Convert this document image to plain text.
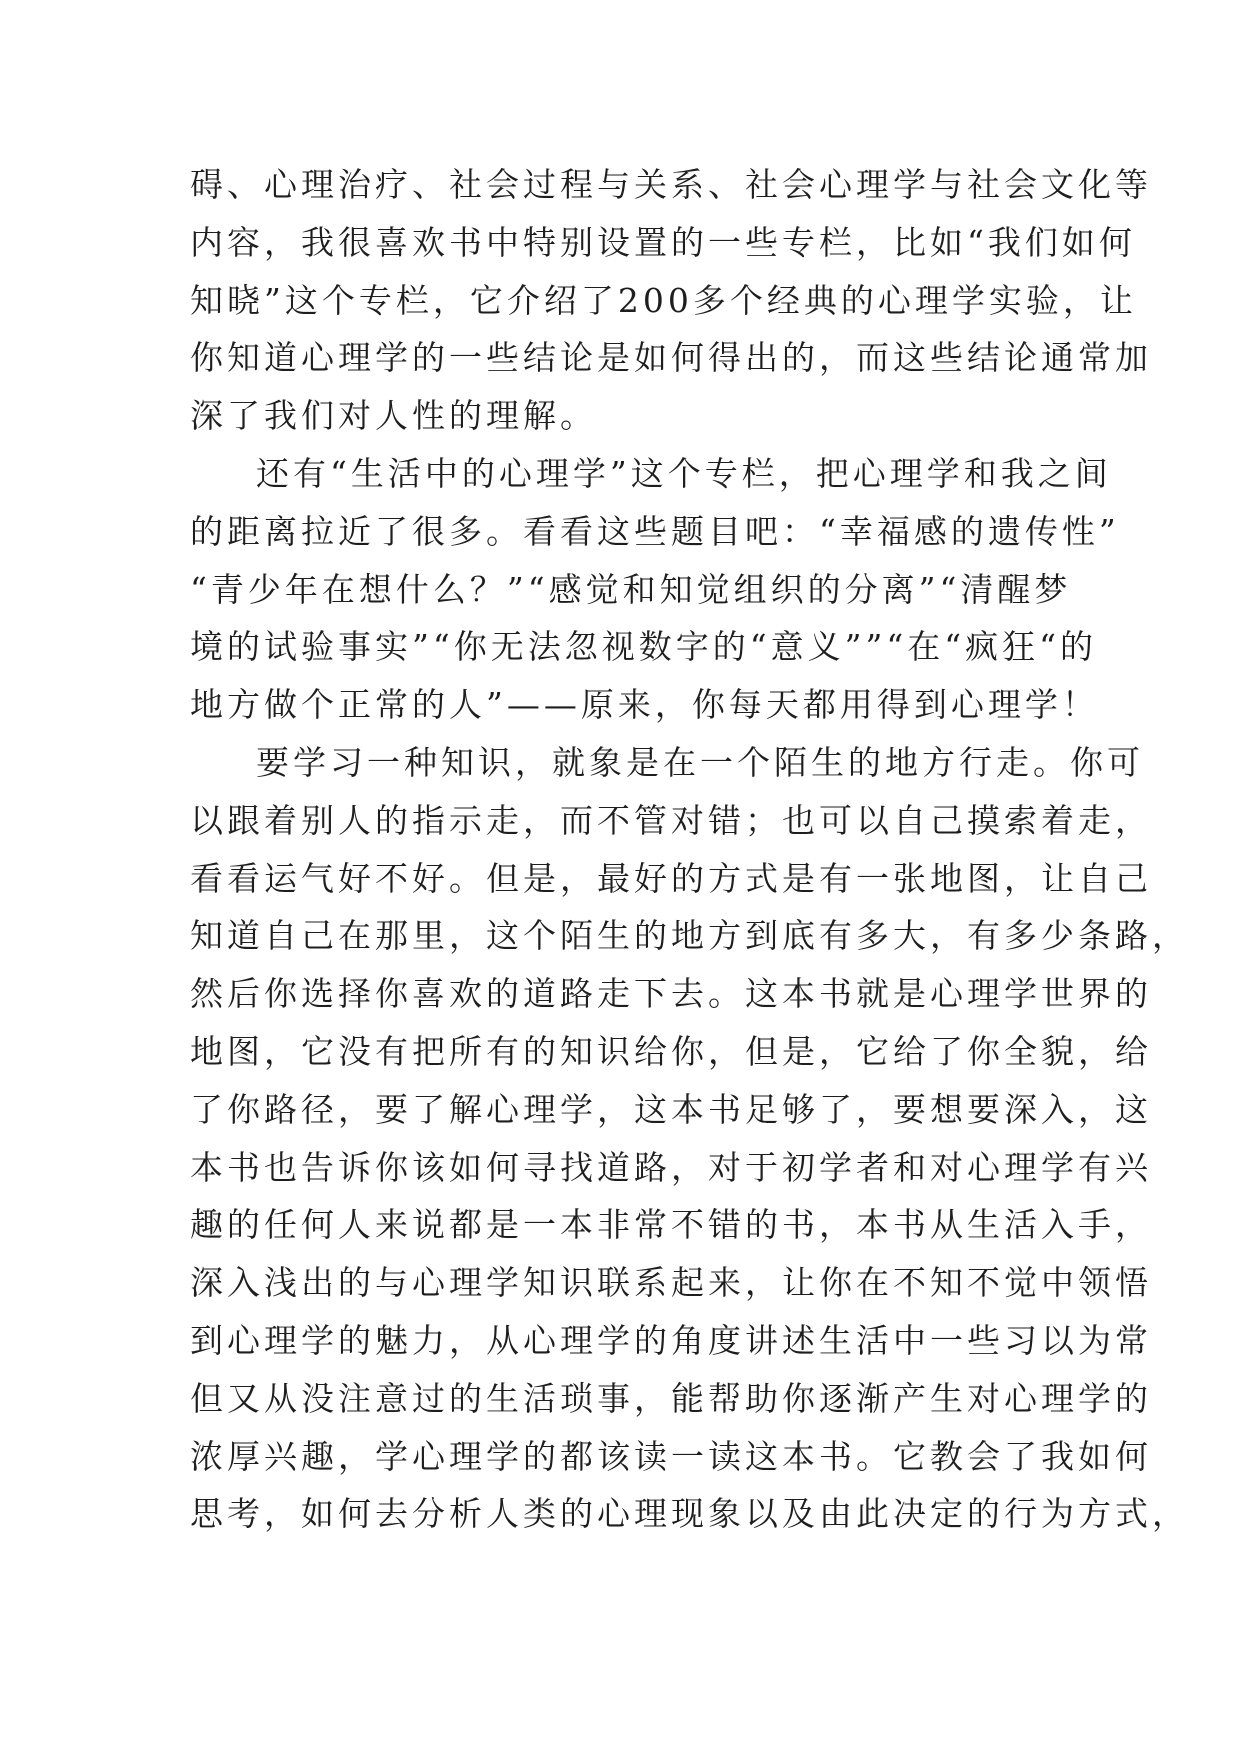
碍、心理治疗、社会过程与关系、社会心理学与社会文化等
内容，我很喜欢书中特别设置的一些专栏，比如“我们如何
知晓”这个专栏，它介绍了200多个经典的心理学实验，让
你知道心理学的一些结论是如何得出的，而这些结论通常加
深了我们对人性的理解。
还有“生活中的心理学”这个专栏，把心理学和我之间
的距离拉近了很多。看看这些题目吧：“幸福感的遗传性”
“青少年在想什么？”“感觉和知觉组织的分离”“清醒梦
境的试验事实”“你无法忽视数字的“意义””“在“疯狂“的
地方做个正常的人”——原来，你每天都用得到心理学！
要学习一种知识，就象是在一个陌生的地方行走。你可
以跟着别人的指示走，而不管对错；也可以自己摸索着走，
看看运气好不好。但是，最好的方式是有一张地图，让自己
知道自己在那里，这个陌生的地方到底有多大，有多少条路，
然后你选择你喜欢的道路走下去。这本书就是心理学世界的
地图，它没有把所有的知识给你，但是，它给了你全貌，给
了你路径，要了解心理学，这本书足够了，要想要深入，这
本书也告诉你该如何寻找道路，对于初学者和对心理学有兴
趣的任何人来说都是一本非常不错的书，本书从生活入手，
深入浅出的与心理学知识联系起来，让你在不知不觉中领悟
到心理学的魅力，从心理学的角度讲述生活中一些习以为常
但又从没注意过的生活琐事，能帮助你逐渐产生对心理学的
浓厚兴趣，学心理学的都该读一读这本书。它教会了我如何
思考，如何去分析人类的心理现象以及由此决定的行为方式，
